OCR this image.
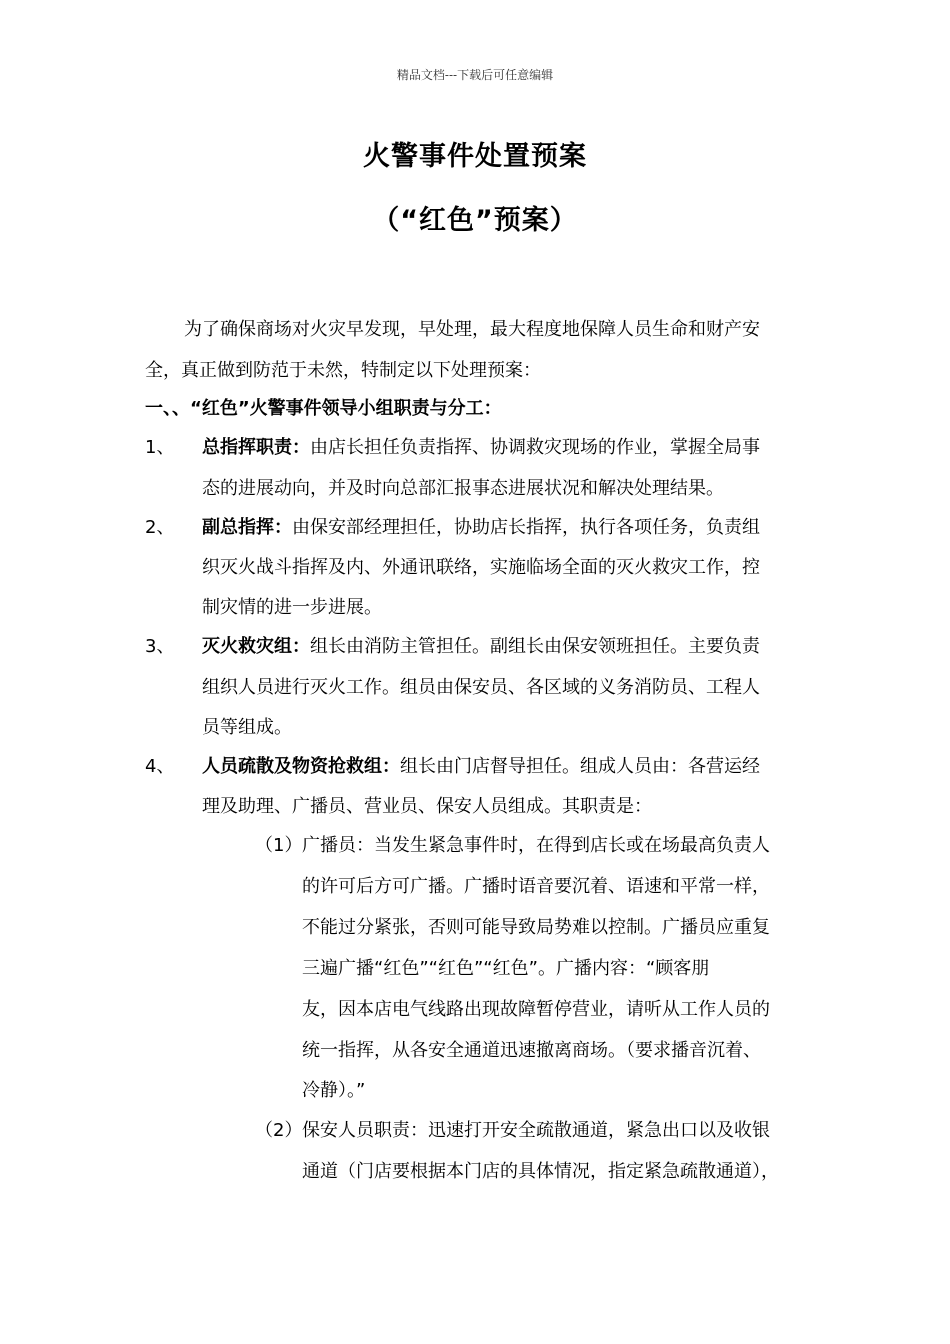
精品文档---下载后可任意编辑
火警事件处置预案
（“红色”预案）
为了确保商场对火灾早发现，早处理，最大程度地保障人员生命和财产安
全，真正做到防范于未然，特制定以下处理预案：
一、、“红色”火警事件领导小组职责与分工：
1、 总指挥职责：由店长担任负责指挥、协调救灾现场的作业，掌握全局事
态的进展动向，并及时向总部汇报事态进展状况和解决处理结果。
2、 副总指挥：由保安部经理担任，协助店长指挥，执行各项任务，负责组
织灭火战斗指挥及内、外通讯联络，实施临场全面的灭火救灾工作，控
制灾情的进一步进展。
3、 灭火救灾组：组长由消防主管担任。副组长由保安领班担任。主要负责
组织人员进行灭火工作。组员由保安员、各区域的义务消防员、工程人
员等组成。
4、 人员疏散及物资抢救组：组长由门店督导担任。组成人员由：各营运经
理及助理、广播员、营业员、保安人员组成。其职责是：
（1） 广播员：当发生紧急事件时，在得到店长或在场最高负责人
的许可后方可广播。广播时语音要沉着、语速和平常一样，
不能过分紧张，否则可能导致局势难以控制。广播员应重复
三遍广播“红色”“红色”“红色”。广播内容：“顾客朋
友，因本店电气线路出现故障暂停营业，请听从工作人员的
统一指挥，从各安全通道迅速撤离商场。（要求播音沉着、
冷静）。”
（2） 保安人员职责：迅速打开安全疏散通道，紧急出口以及收银
通道（门店要根据本门店的具体情况，指定紧急疏散通道），
